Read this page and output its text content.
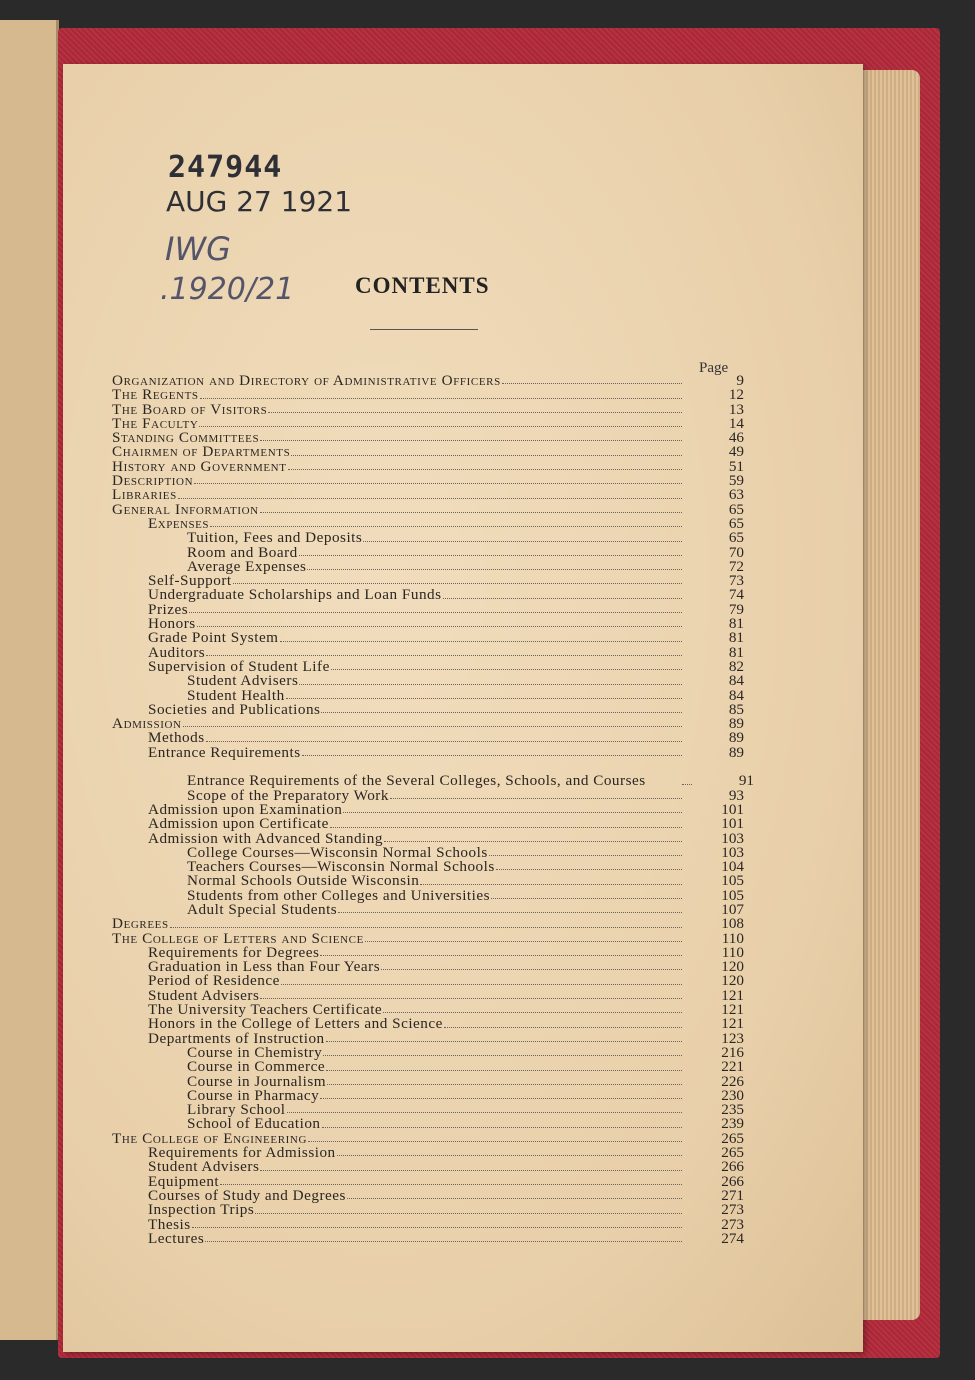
247944
AUG 27 1921
IWG
.1920/21	CONTENTS
Page
Organization and Directory of Administrative Officers	9
The Regents	12
The Board of Visitors	13
The Faculty	14
Standing Committees	46
Chairmen of Departments	49
History and Government	51
Description	59
Libraries	63
General Information	65
Expenses	65
Tuition, Fees and Deposits	65
Room and Board	70
Average Expenses	72
Self-Support	73
Undergraduate Scholarships and Loan Funds	74
Prizes	79
Honors	81
Grade Point System	81
Auditors	81
Supervision of Student Life	82
Student Advisers	84
Student Health	84
Societies and Publications	85
Admission	89
Methods	89
Entrance Requirements	89
Entrance Requirements of the Several Colleges, Schools, and Courses	91
Scope of the Preparatory Work	93
Admission upon Examination	101
Admission upon Certificate	101
Admission with Advanced Standing	103
College Courses—Wisconsin Normal Schools	103
Teachers Courses—Wisconsin Normal Schools	104
Normal Schools Outside Wisconsin	105
Students from other Colleges and Universities	105
Adult Special Students	107
Degrees	108
The College of Letters and Science	110
Requirements for Degrees	110
Graduation in Less than Four Years	120
Period of Residence	120
Student Advisers	121
The University Teachers Certificate	121
Honors in the College of Letters and Science	121
Departments of Instruction	123
Course in Chemistry	216
Course in Commerce	221
Course in Journalism	226
Course in Pharmacy	230
Library School	235
School of Education	239
The College of Engineering	265
Requirements for Admission	265
Student Advisers	266
Equipment	266
Courses of Study and Degrees	271
Inspection Trips	273
Thesis	273
Lectures	274
